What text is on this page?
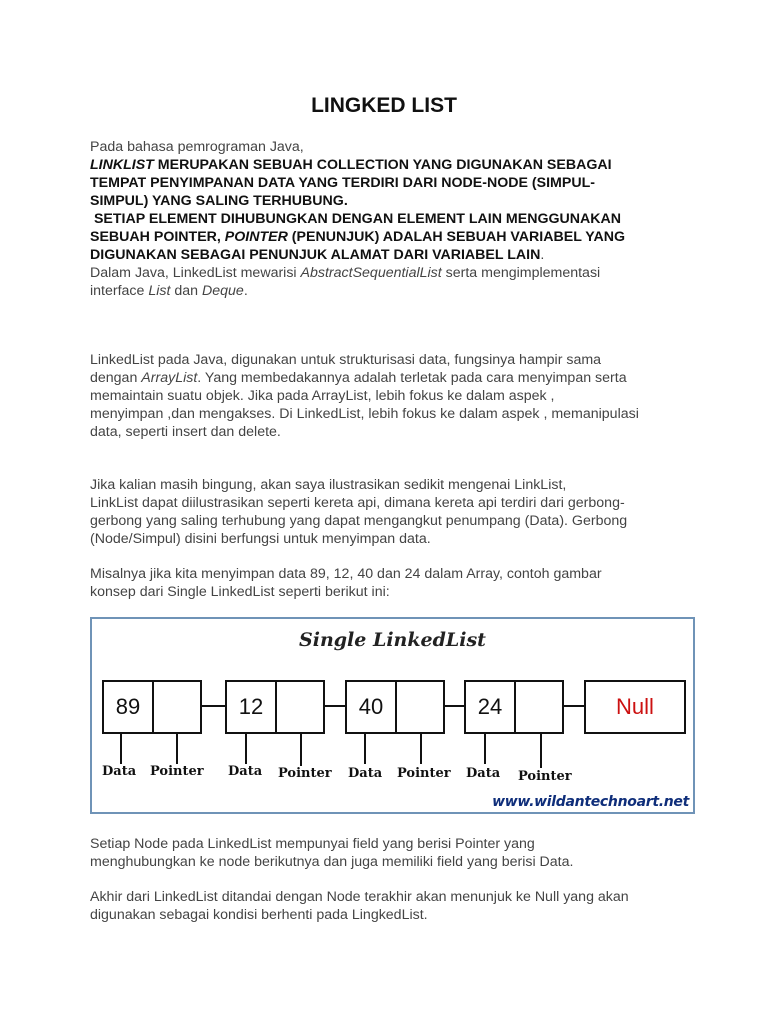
LINGKED LIST
Pada bahasa pemrograman Java,
LINKLIST MERUPAKAN SEBUAH COLLECTION YANG DIGUNAKAN SEBAGAI
TEMPAT PENYIMPANAN DATA YANG TERDIRI DARI NODE-NODE (SIMPUL-
SIMPUL) YANG SALING TERHUBUNG.
SETIAP ELEMENT DIHUBUNGKAN DENGAN ELEMENT LAIN MENGGUNAKAN
SEBUAH POINTER, POINTER (PENUNJUK) ADALAH SEBUAH VARIABEL YANG
DIGUNAKAN SEBAGAI PENUNJUK ALAMAT DARI VARIABEL LAIN.
Dalam Java, LinkedList mewarisi AbstractSequentialList serta mengimplementasi
interface List dan Deque.
LinkedList pada Java, digunakan untuk strukturisasi data, fungsinya hampir sama
dengan ArrayList. Yang membedakannya adalah terletak pada cara menyimpan serta
memaintain suatu objek. Jika pada ArrayList, lebih fokus ke dalam aspek ,
menyimpan ,dan mengakses. Di LinkedList, lebih fokus ke dalam aspek , memanipulasi
data, seperti insert dan delete.
Jika kalian masih bingung, akan saya ilustrasikan sedikit mengenai LinkList,
LinkList dapat diilustrasikan seperti kereta api, dimana kereta api terdiri dari gerbong-
gerbong yang saling terhubung yang dapat mengangkut penumpang (Data). Gerbong
(Node/Simpul) disini berfungsi untuk menyimpan data.
Misalnya jika kita menyimpan data 89, 12, 40 dan 24 dalam Array, contoh gambar
konsep dari Single LinkedList seperti berikut ini:
Single LinkedList
89	12	40	24	Null
Data Pointer Data Pointer Data Pointer Data Pointer
www.wildantechnoart.net
Setiap Node pada LinkedList mempunyai field yang berisi Pointer yang
menghubungkan ke node berikutnya dan juga memiliki field yang berisi Data.
Akhir dari LinkedList ditandai dengan Node terakhir akan menunjuk ke Null yang akan
digunakan sebagai kondisi berhenti pada LingkedList.
